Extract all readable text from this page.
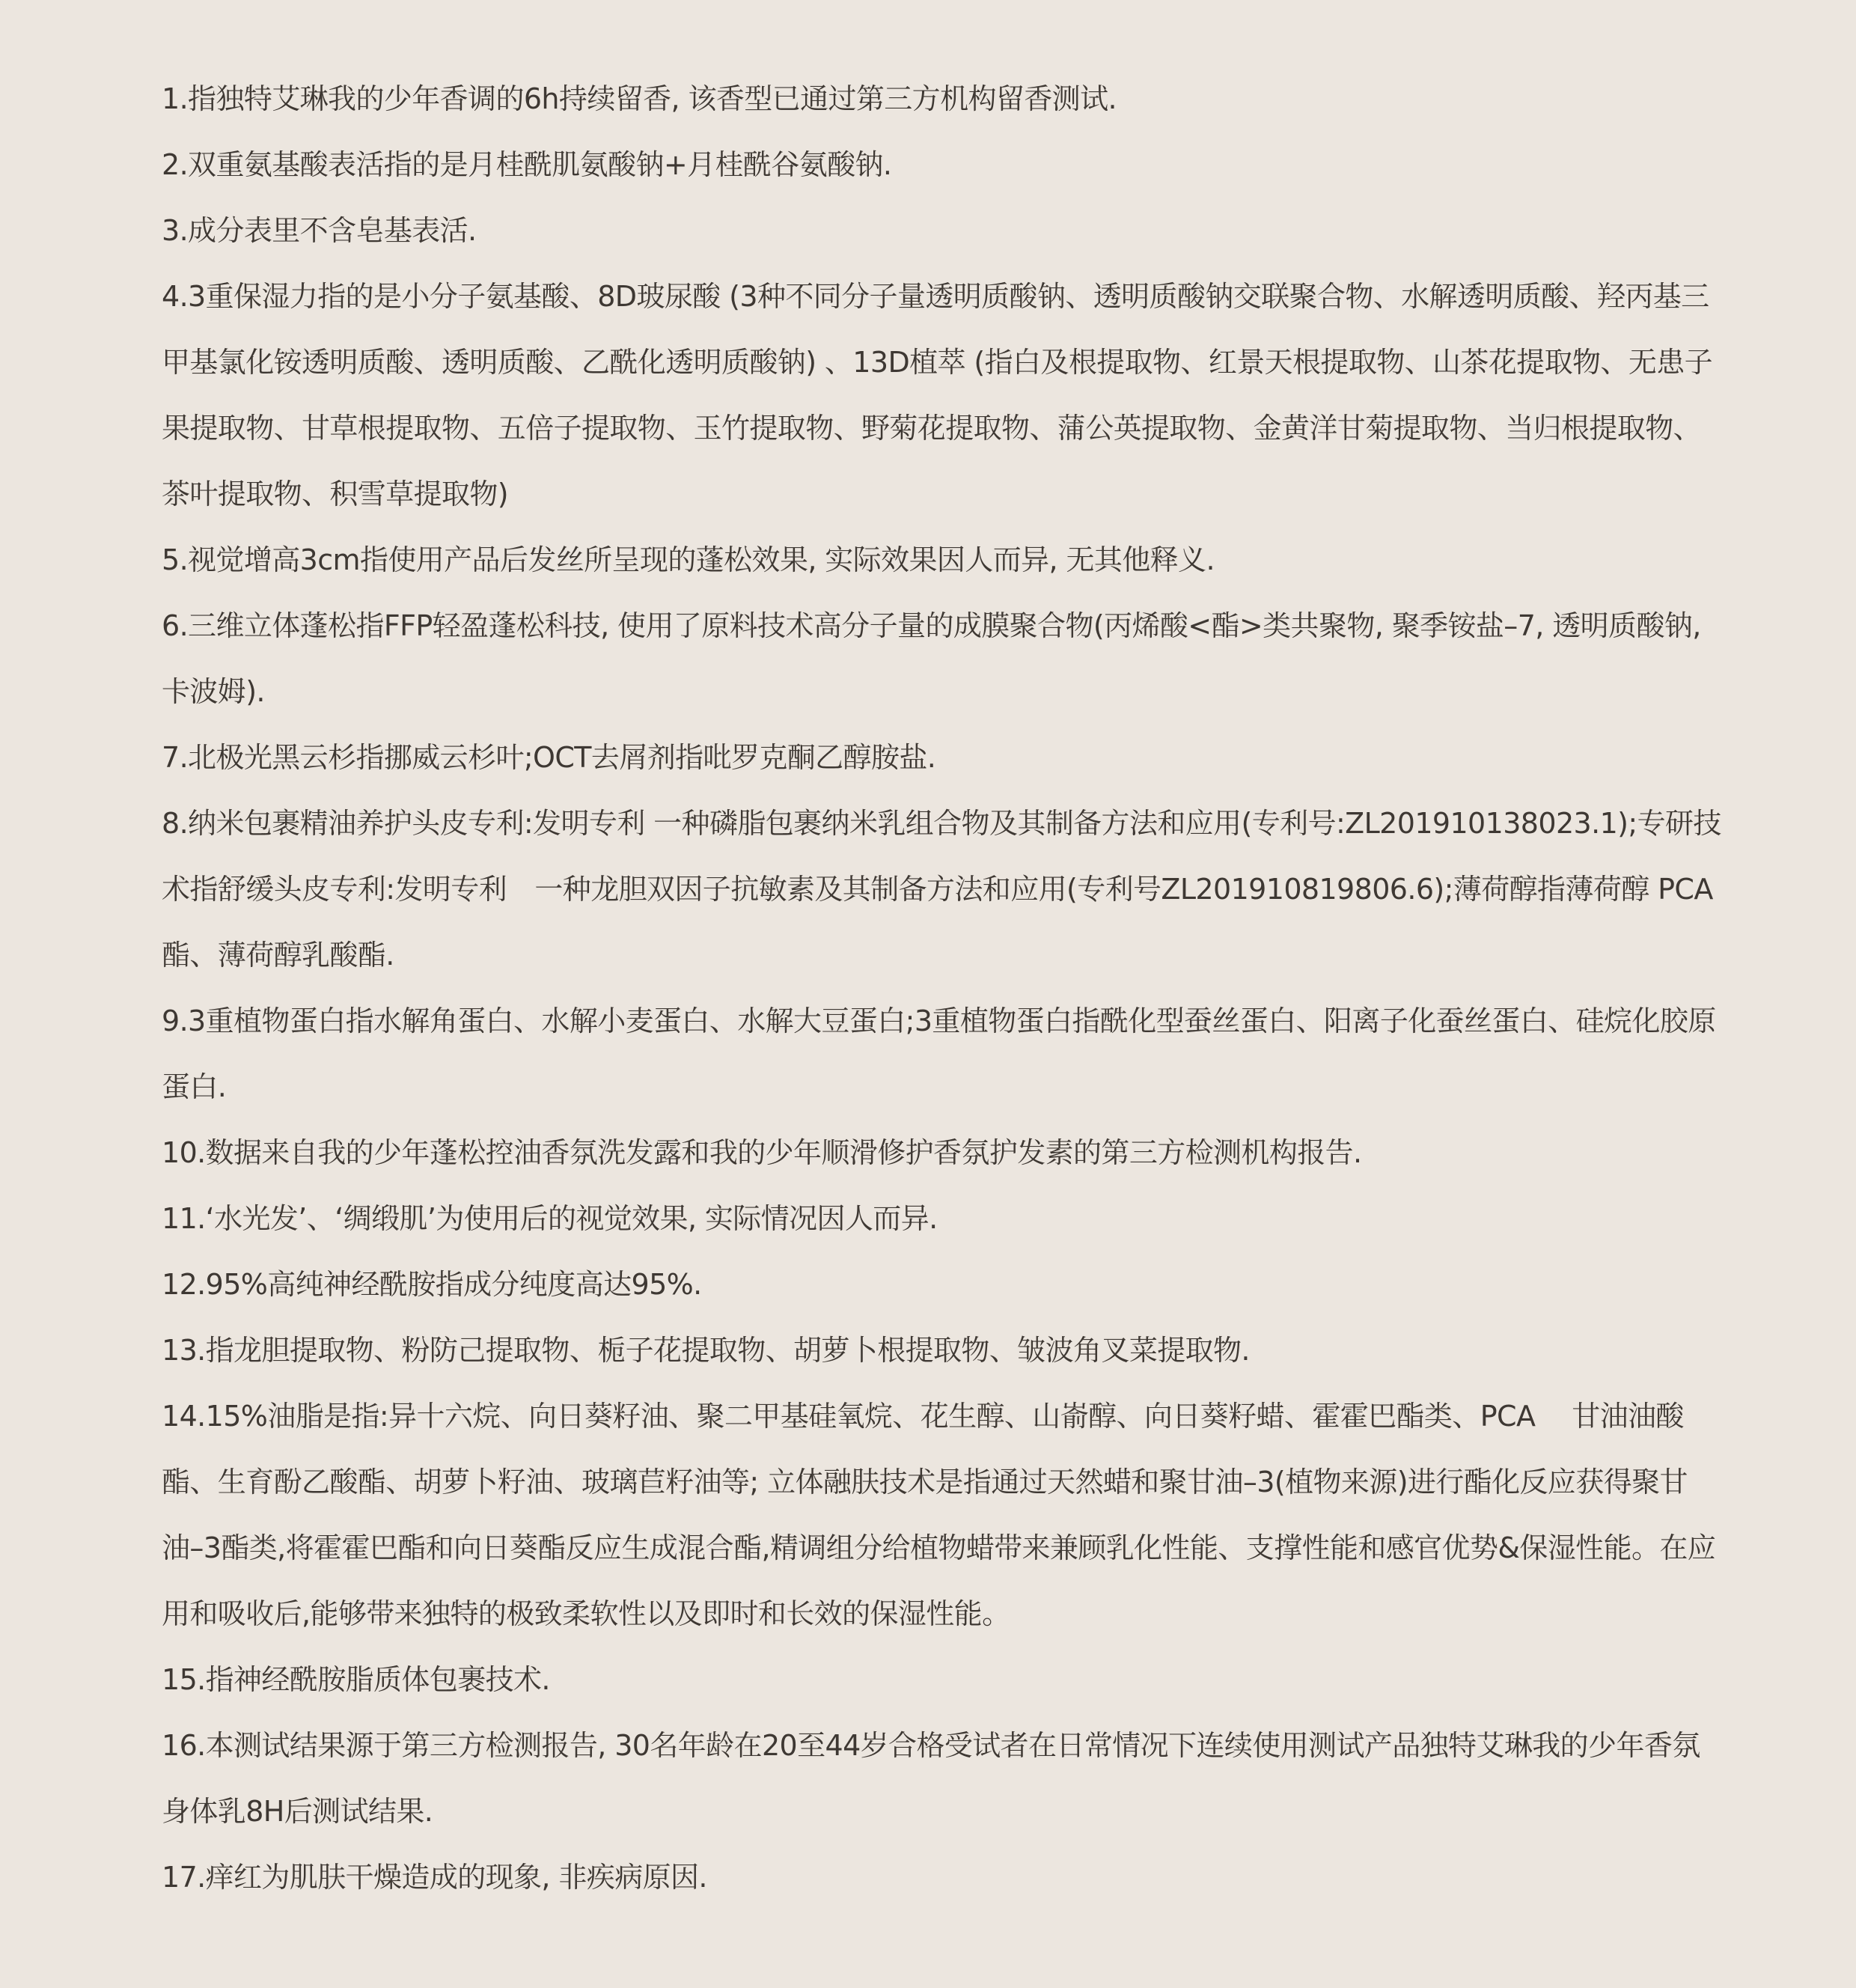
1.指独特艾琳我的少年香调的6h持续留香, 该香型已通过第三方机构留香测试.
2.双重氨基酸表活指的是月桂酰肌氨酸钠+月桂酰谷氨酸钠.
3.成分表里不含皂基表活.
4.3重保湿力指的是小分子氨基酸、8D玻尿酸 (3种不同分子量透明质酸钠、透明质酸钠交联聚合物、水解透明质酸、羟丙基三甲基氯化铵透明质酸、透明质酸、乙酰化透明质酸钠) 、13D植萃 (指白及根提取物、红景天根提取物、山茶花提取物、无患子果提取物、甘草根提取物、五倍子提取物、玉竹提取物、野菊花提取物、蒲公英提取物、金黄洋甘菊提取物、当归根提取物、茶叶提取物、积雪草提取物)
5.视觉增高3cm指使用产品后发丝所呈现的蓬松效果, 实际效果因人而异, 无其他释义.
6.三维立体蓬松指FFP轻盈蓬松科技, 使用了原料技术高分子量的成膜聚合物(丙烯酸<酯>类共聚物, 聚季铵盐–7, 透明质酸钠, 卡波姆).
7.北极光黑云杉指挪威云杉叶;OCT去屑剂指吡罗克酮乙醇胺盐.
8.纳米包裹精油养护头皮专利:发明专利 一种磷脂包裹纳米乳组合物及其制备方法和应用(专利号:ZL201910138023.1);专研技术指舒缓头皮专利:发明专利　一种龙胆双因子抗敏素及其制备方法和应用(专利号ZL201910819806.6);薄荷醇指薄荷醇 PCA 酯、薄荷醇乳酸酯.
9.3重植物蛋白指水解角蛋白、水解小麦蛋白、水解大豆蛋白;3重植物蛋白指酰化型蚕丝蛋白、阳离子化蚕丝蛋白、硅烷化胶原蛋白.
10.数据来自我的少年蓬松控油香氛洗发露和我的少年顺滑修护香氛护发素的第三方检测机构报告.
11.‘水光发’、‘绸缎肌’为使用后的视觉效果, 实际情况因人而异.
12.95%高纯神经酰胺指成分纯度高达95%.
13.指龙胆提取物、粉防己提取物、栀子花提取物、胡萝卜根提取物、皱波角叉菜提取物.
14.15%油脂是指:异十六烷、向日葵籽油、聚二甲基硅氧烷、花生醇、山嵛醇、向日葵籽蜡、霍霍巴酯类、PCA　 甘油油酸酯、生育酚乙酸酯、胡萝卜籽油、玻璃苣籽油等; 立体融肤技术是指通过天然蜡和聚甘油–3(植物来源)进行酯化反应获得聚甘油–3酯类,将霍霍巴酯和向日葵酯反应生成混合酯,精调组分给植物蜡带来兼顾乳化性能、支撑性能和感官优势&保湿性能。在应用和吸收后,能够带来独特的极致柔软性以及即时和长效的保湿性能。
15.指神经酰胺脂质体包裹技术.
16.本测试结果源于第三方检测报告, 30名年龄在20至44岁合格受试者在日常情况下连续使用测试产品独特艾琳我的少年香氛身体乳8H后测试结果.
17.痒红为肌肤干燥造成的现象, 非疾病原因.
